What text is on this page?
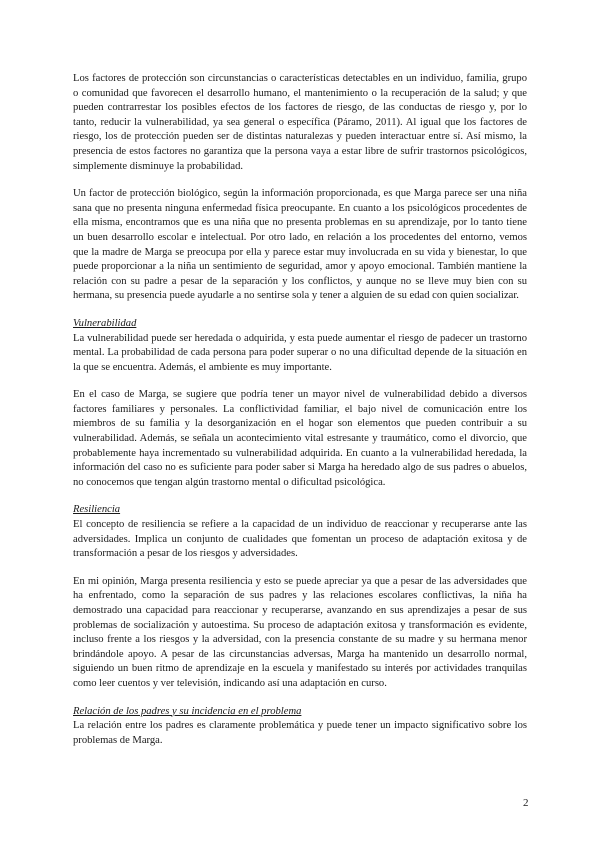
Los factores de protección son circunstancias o características detectables en un individuo, familia, grupo o comunidad que favorecen el desarrollo humano, el mantenimiento o la recuperación de la salud; y que pueden contrarrestar los posibles efectos de los factores de riesgo, de las conductas de riesgo y, por lo tanto, reducir la vulnerabilidad, ya sea general o específica (Páramo, 2011). Al igual que los factores de riesgo, los de protección pueden ser de distintas naturalezas y pueden interactuar entre sí. Así mismo, la presencia de estos factores no garantiza que la persona vaya a estar libre de sufrir trastornos psicológicos, simplemente disminuye la probabilidad.

Un factor de protección biológico, según la información proporcionada, es que Marga parece ser una niña sana que no presenta ninguna enfermedad física preocupante. En cuanto a los psicológicos procedentes de ella misma, encontramos que es una niña que no presenta problemas en su aprendizaje, por lo tanto tiene un buen desarrollo escolar e intelectual. Por otro lado, en relación a los procedentes del entorno, vemos que la madre de Marga se preocupa por ella y parece estar muy involucrada en su vida y bienestar, lo que puede proporcionar a la niña un sentimiento de seguridad, amor y apoyo emocional. También mantiene la relación con su padre a pesar de la separación y los conflictos, y aunque no se lleve muy bien con su hermana, su presencia puede ayudarle a no sentirse sola y tener a alguien de su edad con quien socializar.

Vulnerabilidad

La vulnerabilidad puede ser heredada o adquirida, y esta puede aumentar el riesgo de padecer un trastorno mental. La probabilidad de cada persona para poder superar o no una dificultad depende de la situación en la que se encuentra. Además, el ambiente es muy importante.

En el caso de Marga, se sugiere que podría tener un mayor nivel de vulnerabilidad debido a diversos factores familiares y personales. La conflictividad familiar, el bajo nivel de comunicación entre los miembros de su familia y la desorganización en el hogar son elementos que pueden contribuir a su vulnerabilidad. Además, se señala un acontecimiento vital estresante y traumático, como el divorcio, que probablemente haya incrementado su vulnerabilidad adquirida. En cuanto a la vulnerabilidad heredada, la información del caso no es suficiente para poder saber si Marga ha heredado algo de sus padres o abuelos, no conocemos que tengan algún trastorno mental o dificultad psicológica.

Resiliencia

El concepto de resiliencia se refiere a la capacidad de un individuo de reaccionar y recuperarse ante las adversidades. Implica un conjunto de cualidades que fomentan un proceso de adaptación exitosa y de transformación a pesar de los riesgos y adversidades.

En mi opinión, Marga presenta resiliencia y esto se puede apreciar ya que a pesar de las adversidades que ha enfrentado, como la separación de sus padres y las relaciones escolares conflictivas, la niña ha demostrado una capacidad para reaccionar y recuperarse, avanzando en sus aprendizajes a pesar de sus problemas de socialización y autoestima. Su proceso de adaptación exitosa y transformación es evidente, incluso frente a los riesgos y la adversidad, con la presencia constante de su madre y su hermana menor brindándole apoyo. A pesar de las circunstancias adversas, Marga ha mantenido un desarrollo normal, siguiendo un buen ritmo de aprendizaje en la escuela y manifestado su interés por actividades tranquilas como leer cuentos y ver televisión, indicando así una adaptación en curso.

Relación de los padres y su incidencia en el problema

La relación entre los padres es claramente problemática y puede tener un impacto significativo sobre los problemas de Marga.

2
